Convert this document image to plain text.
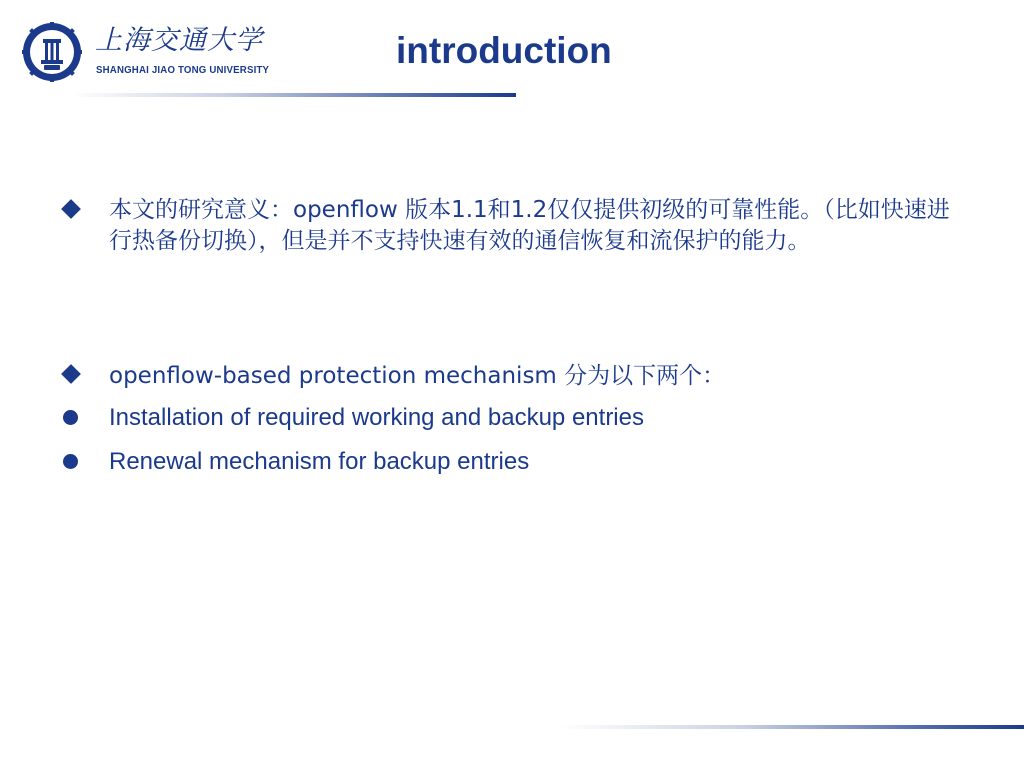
上海交通大学
SHANGHAI JIAO TONG UNIVERSITY	introduction
本文的研究意义：openflow 版本1.1和1.2仅仅提供初级的可靠性能。（比如快速进行热备份切换），但是并不支持快速有效的通信恢复和流保护的能力。
openflow-based protection mechanism 分为以下两个：
Installation of required working and backup entries
Renewal mechanism for backup entries
